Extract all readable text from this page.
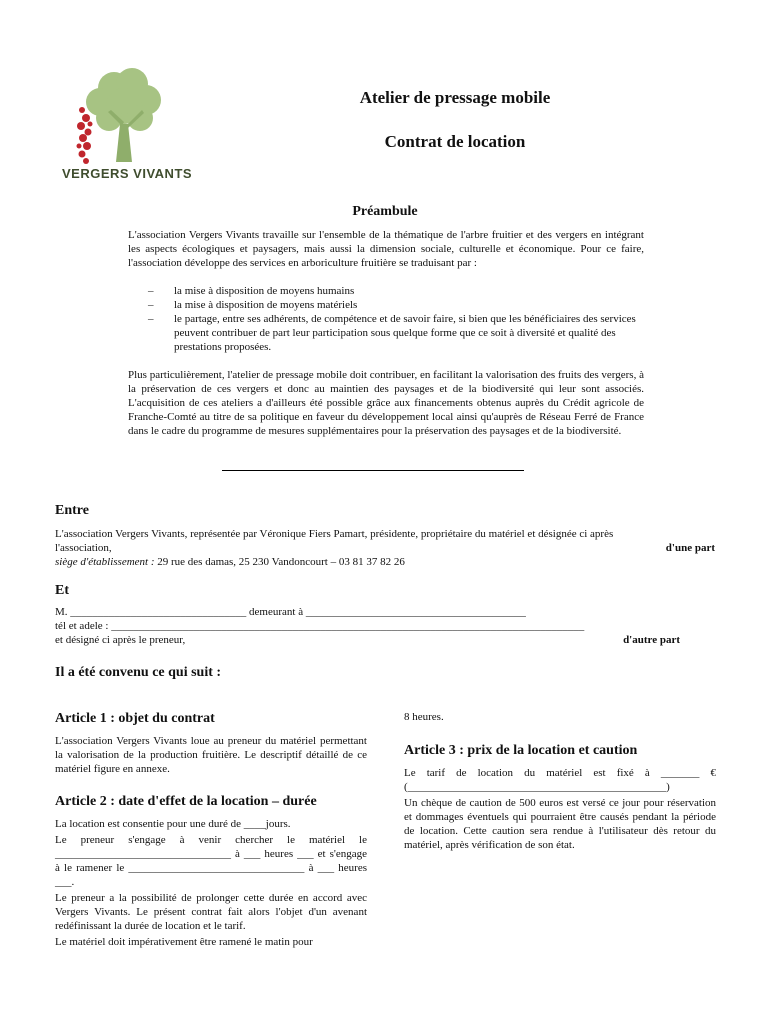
VERGERS VIVANTS
Atelier de pressage mobile
Contrat de location
Préambule
L'association Vergers Vivants travaille sur l'ensemble de la thématique de l'arbre fruitier et des vergers en intégrant les aspects écologiques et paysagers, mais aussi la dimension sociale, culturelle et économique. Pour ce faire, l'association développe des services en arboriculture fruitière se traduisant par :
–	la mise à disposition de moyens humains
–	la mise à disposition de moyens matériels
–	le partage, entre ses adhérents, de compétence et de savoir faire, si bien que les bénéficiaires des services peuvent contribuer de part leur participation sous quelque forme que ce soit à diversité et qualité des prestations proposées.
Plus particulièrement, l'atelier de pressage mobile doit contribuer, en facilitant la valorisation des fruits des vergers, à la préservation de ces vergers et donc au maintien des paysages et de la biodiversité qui leur sont associés. L'acquisition de ces ateliers a d'ailleurs été possible grâce aux financements obtenus auprès du Crédit agricole de Franche-Comté au titre de sa politique en faveur du développement local ainsi qu'auprès de Réseau Ferré de France dans le cadre du programme de mesures supplémentaires pour la préservation des paysages et de la biodiversité.
Entre
L'association Vergers Vivants, représentée par Véronique Fiers Pamart, présidente, propriétaire du matériel et désignée ci après
l'association,	d'une part
siège d'établissement : 29 rue des damas, 25 230 Vandoncourt – 03 81 37 82 26
Et
M. ________________________________ demeurant à ________________________________________
tél et adele : ______________________________________________________________________________________
et désigné ci après le preneur,	d'autre part
Il a été convenu ce qui suit :
Article 1 : objet du contrat
L'association Vergers Vivants loue au preneur du matériel permettant la valorisation de la production fruitière. Le descriptif détaillé de ce matériel figure en annexe.
Article 2 : date d'effet de la location – durée

La location est consentie pour une duré de ____jours.

Le preneur s'engage à venir chercher le matériel le ________________________________ à ___ heures ___ et s'engage à le ramener le ________________________________ à ___ heures ___.

Le preneur a la possibilité de prolonger cette durée en accord avec Vergers Vivants. Le présent contrat fait alors l'objet d'un avenant redéfinissant la durée de location et le tarif.

Le matériel doit impérativement être ramené le matin pour

8 heures.
Article 3 : prix de la location et caution

Le tarif de location du matériel est fixé à _______ € (_______________________________________________)

Un chèque de caution de 500 euros est versé ce jour pour réservation et dommages éventuels qui pourraient être causés pendant la période de location. Cette caution sera rendue à l'utilisateur dès retour du matériel, après vérification de son état.
